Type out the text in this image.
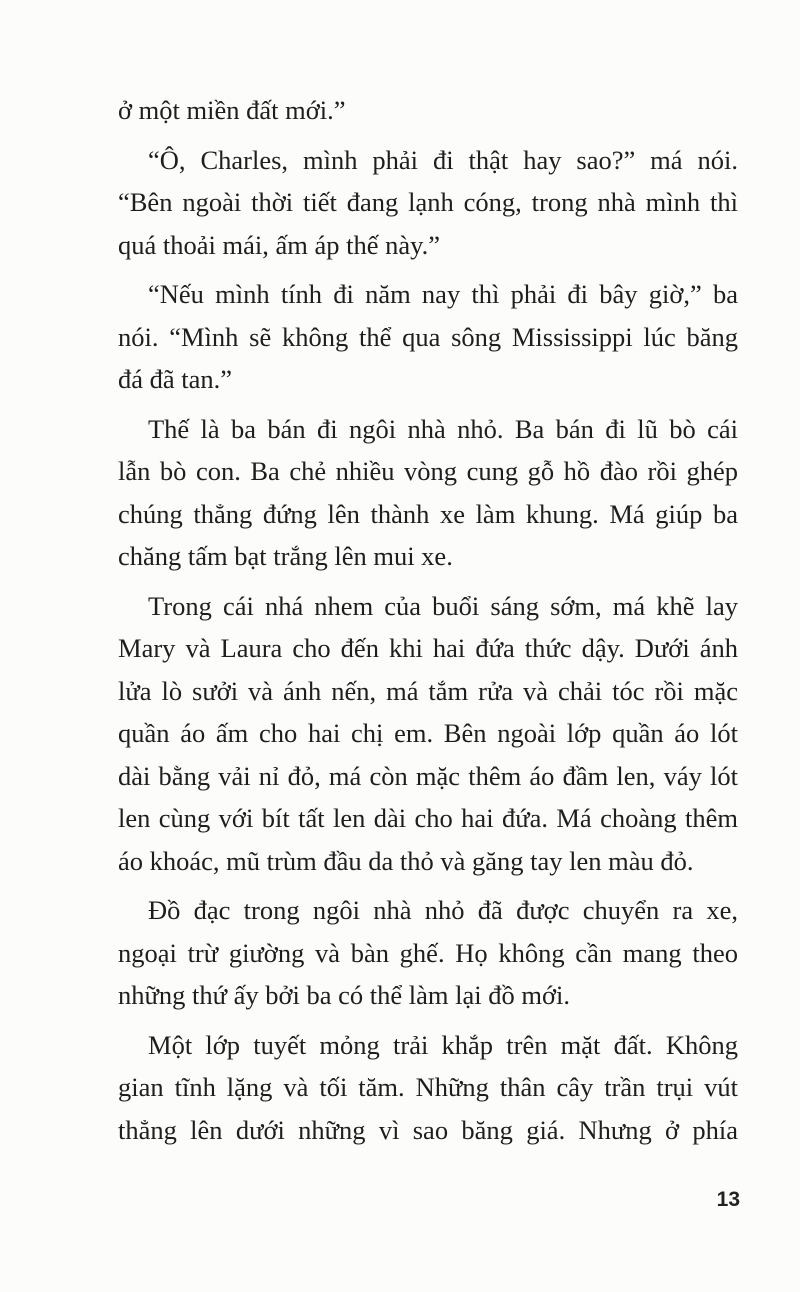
ở một miền đất mới.”
“Ô, Charles, mình phải đi thật hay sao?” má nói.
“Bên ngoài thời tiết đang lạnh cóng, trong nhà mình thì
quá thoải mái, ấm áp thế này.”
“Nếu mình tính đi năm nay thì phải đi bây giờ,” ba
nói. “Mình sẽ không thể qua sông Mississippi lúc băng
đá đã tan.”
Thế là ba bán đi ngôi nhà nhỏ. Ba bán đi lũ bò cái
lẫn bò con. Ba chẻ nhiều vòng cung gỗ hồ đào rồi ghép
chúng thẳng đứng lên thành xe làm khung. Má giúp ba
chăng tấm bạt trắng lên mui xe.
Trong cái nhá nhem của buổi sáng sớm, má khẽ lay
Mary và Laura cho đến khi hai đứa thức dậy. Dưới ánh
lửa lò sưởi và ánh nến, má tắm rửa và chải tóc rồi mặc
quần áo ấm cho hai chị em. Bên ngoài lớp quần áo lót
dài bằng vải nỉ đỏ, má còn mặc thêm áo đầm len, váy lót
len cùng với bít tất len dài cho hai đứa. Má choàng thêm
áo khoác, mũ trùm đầu da thỏ và găng tay len màu đỏ.
Đồ đạc trong ngôi nhà nhỏ đã được chuyển ra xe,
ngoại trừ giường và bàn ghế. Họ không cần mang theo
những thứ ấy bởi ba có thể làm lại đồ mới.
Một lớp tuyết mỏng trải khắp trên mặt đất. Không
gian tĩnh lặng và tối tăm. Những thân cây trần trụi vút
thẳng lên dưới những vì sao băng giá. Nhưng ở phía
13
